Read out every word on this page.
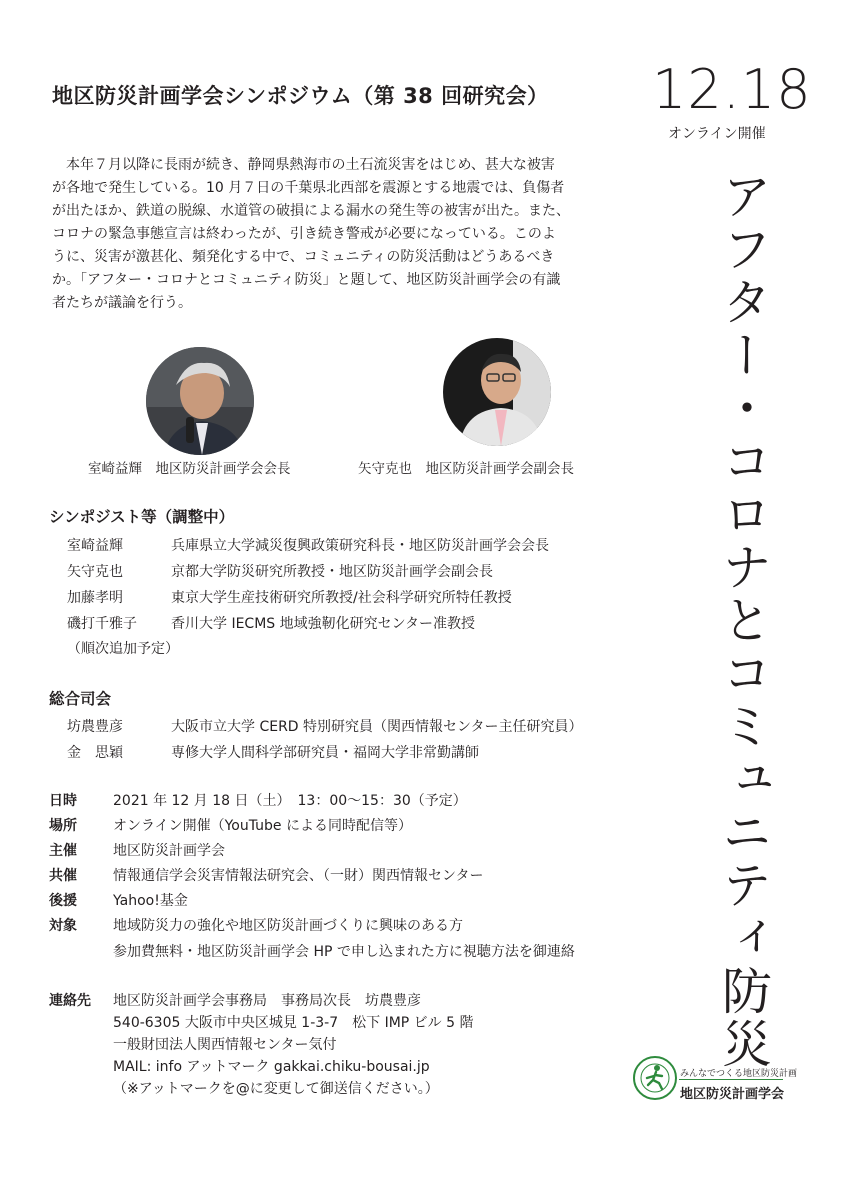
地区防災計画学会シンポジウム（第 38 回研究会） 12.18
オンライン開催
アフター・コロナとコミュニティ防災
　本年７月以降に長雨が続き、静岡県熱海市の土石流災害をはじめ、甚大な被害
が各地で発生している。10 月７日の千葉県北西部を震源とする地震では、負傷者
が出たほか、鉄道の脱線、水道管の破損による漏水の発生等の被害が出た。また、
コロナの緊急事態宣言は終わったが、引き続き警戒が必要になっている。このよ
うに、災害が激甚化、頻発化する中で、コミュニティの防災活動はどうあるべき
か。「アフター・コロナとコミュニティ防災」と題して、地区防災計画学会の有識
者たちが議論を行う。
室崎益輝　地区防災計画学会会長	矢守克也　地区防災計画学会副会長
シンポジスト等（調整中）
室崎益輝	兵庫県立大学減災復興政策研究科長・地区防災計画学会会長
矢守克也	京都大学防災研究所教授・地区防災計画学会副会長
加藤孝明	東京大学生産技術研究所教授/社会科学研究所特任教授
磯打千雅子 香川大学 IECMS 地域強靭化研究センター准教授
（順次追加予定）
総合司会
坊農豊彦	大阪市立大学 CERD 特別研究員（関西情報センター主任研究員）
金　思穎	専修大学人間科学部研究員・福岡大学非常勤講師
日時	2021 年 12 月 18 日（土）　13：00～15：30（予定）
場所	オンライン開催（YouTube による同時配信等）
主催	地区防災計画学会
共催	情報通信学会災害情報法研究会、（一財）関西情報センター
後援	Yahoo!基金
対象	地域防災力の強化や地区防災計画づくりに興味のある方
参加費無料・地区防災計画学会 HP で申し込まれた方に視聴方法を御連絡
連絡先 地区防災計画学会事務局　事務局次長　坊農豊彦
540-6305 大阪市中央区城見 1-3-7　松下 IMP ビル 5 階
一般財団法人関西情報センター気付
MAIL: info アットマーク gakkai.chiku-bousai.jp
（※アットマークを@に変更して御送信ください。）
みんなでつくる地区防災計画
地区防災計画学会
